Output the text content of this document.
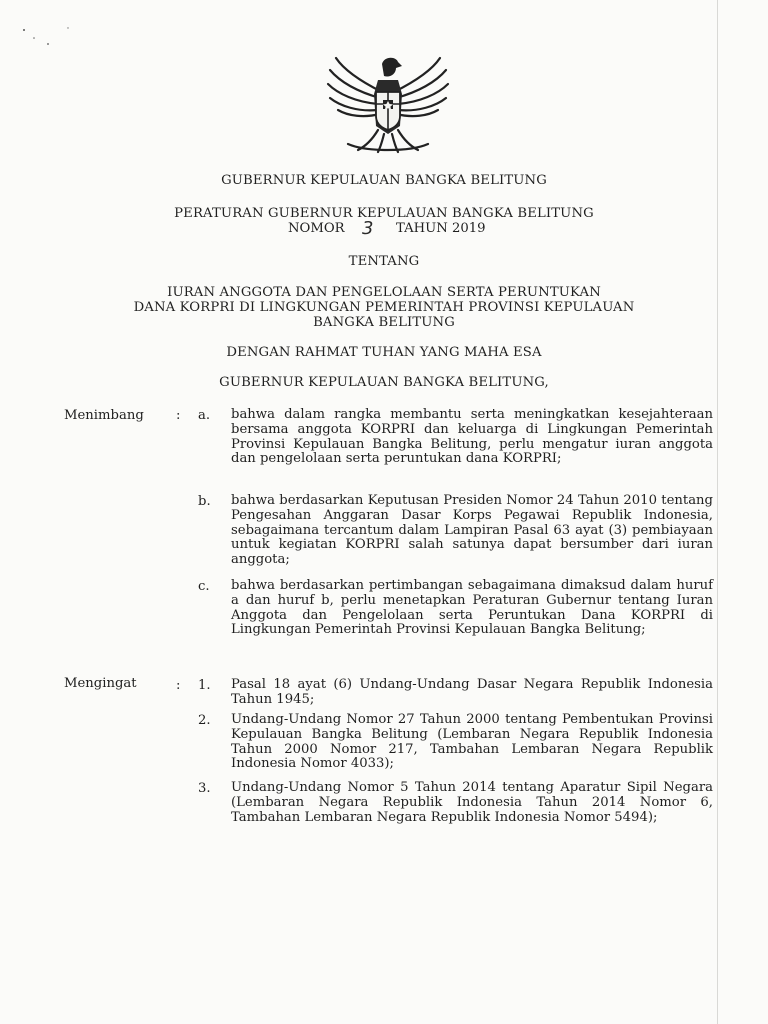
GUBERNUR KEPULAUAN BANGKA BELITUNG
PERATURAN GUBERNUR KEPULAUAN BANGKA BELITUNG
NOMOR 3 TAHUN 2019
TENTANG
IURAN ANGGOTA DAN PENGELOLAAN SERTA PERUNTUKAN
DANA KORPRI DI LINGKUNGAN PEMERINTAH PROVINSI KEPULAUAN
BANGKA BELITUNG
DENGAN RAHMAT TUHAN YANG MAHA ESA
GUBERNUR KEPULAUAN BANGKA BELITUNG,
Menimbang : a. bahwa dalam rangka membantu serta meningkatkan kesejahteraan bersama anggota KORPRI dan keluarga di Lingkungan Pemerintah Provinsi Kepulauan Bangka Belitung, perlu mengatur iuran anggota dan pengelolaan serta peruntukan dana KORPRI;
b. bahwa berdasarkan Keputusan Presiden Nomor 24 Tahun 2010 tentang Pengesahan Anggaran Dasar Korps Pegawai Republik Indonesia, sebagaimana tercantum dalam Lampiran Pasal 63 ayat (3) pembiayaan untuk kegiatan KORPRI salah satunya dapat bersumber dari iuran anggota;
c. bahwa berdasarkan pertimbangan sebagaimana dimaksud dalam huruf a dan huruf b, perlu menetapkan Peraturan Gubernur tentang Iuran Anggota dan Pengelolaan serta Peruntukan Dana KORPRI di Lingkungan Pemerintah Provinsi Kepulauan Bangka Belitung;
Mengingat	: 1. Pasal 18 ayat (6) Undang-Undang Dasar Negara Republik Indonesia Tahun 1945;
2. Undang-Undang Nomor 27 Tahun 2000 tentang Pembentukan Provinsi Kepulauan Bangka Belitung (Lembaran Negara Republik Indonesia Tahun 2000 Nomor 217, Tambahan Lembaran Negara Republik Indonesia Nomor 4033);
3. Undang-Undang Nomor 5 Tahun 2014 tentang Aparatur Sipil Negara (Lembaran Negara Republik Indonesia Tahun 2014 Nomor 6, Tambahan Lembaran Negara Republik Indonesia Nomor 5494);
